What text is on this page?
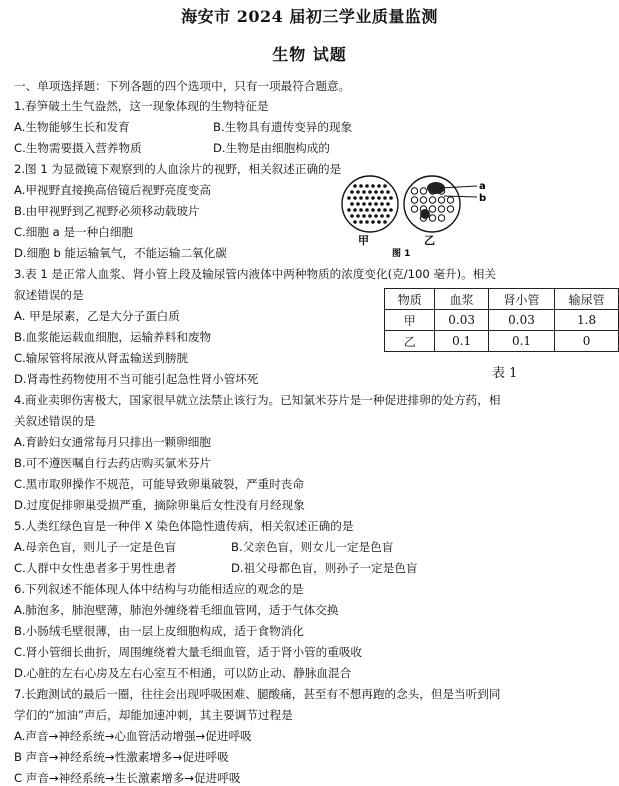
海安市 2024 届初三学业质量监测
生物 试题
一、单项选择题：下列各题的四个选项中，只有一项最符合题意。
1.春笋破土生气盎然，这一现象体现的生物特征是
A.生物能够生长和发育	B.生物具有遗传变异的现象
C.生物需要摄入营养物质	D.生物是由细胞构成的
2.图 1 为显微镜下观察到的人血涂片的视野，相关叙述正确的是
A.甲视野直接换高倍镜后视野亮度变高
B.由甲视野到乙视野必须移动载玻片
C.细胞 a 是一种白细胞
D.细胞 b 能运输氧气，不能运输二氧化碳
a
b
甲	乙
图 1
3.表 1 是正常人血浆、肾小管上段及输尿管内液体中两种物质的浓度变化(克/100 毫升)。相关
叙述错误的是
A. 甲是尿素，乙是大分子蛋白质
B.血浆能运载血细胞，运输养料和废物
C.输尿管将尿液从肾盂输送到膀胱
D.肾毒性药物使用不当可能引起急性肾小管坏死
物质	血浆	肾小管	输尿管
甲	0.03	0.03	1.8
乙	0.1	0.1	0
表 1
4.商业卖卵伤害极大，国家很早就立法禁止该行为。已知氯米芬片是一种促进排卵的处方药，相
关叙述错误的是
A.育龄妇女通常每月只排出一颗卵细胞
B.可不遵医嘱自行去药店购买氯米芬片
C.黑市取卵操作不规范，可能导致卵巢破裂，严重时丧命
D.过度促排卵巢受损严重，摘除卵巢后女性没有月经现象
5.人类红绿色盲是一种伴 X 染色体隐性遗传病，相关叙述正确的是
A.母亲色盲，则儿子一定是色盲	B.父亲色盲，则女儿一定是色盲
C.人群中女性患者多于男性患者	D.祖父母都色盲，则孙子一定是色盲
6.下列叙述不能体现人体中结构与功能相适应的观念的是
A.肺泡多，肺泡壁薄，肺泡外缠绕着毛细血管网，适于气体交换
B.小肠绒毛壁很薄，由一层上皮细胞构成，适于食物消化
C.肾小管细长曲折，周围缠绕着大量毛细血管，适于肾小管的重吸收
D.心脏的左右心房及左右心室互不相通，可以防止动、静脉血混合
7.长跑测试的最后一圈，往往会出现呼吸困难、腿酸痛，甚至有不想再跑的念头，但是当听到同
学们的“加油”声后，却能加速冲刺，其主要调节过程是
A.声音→神经系统→心血管活动增强→促进呼吸
B 声音→神经系统→性激素增多→促进呼吸
C 声音→神经系统→生长激素增多→促进呼吸
